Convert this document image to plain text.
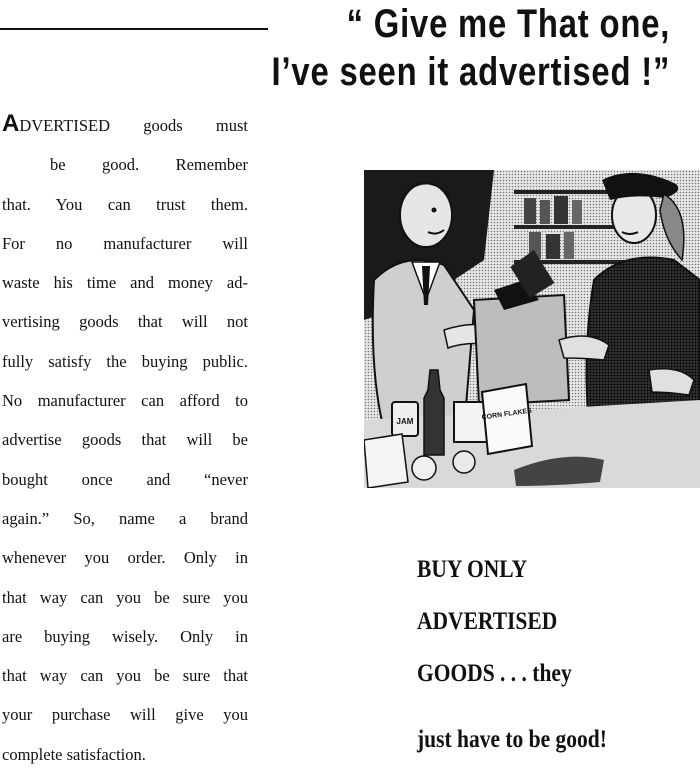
“ Give me That one,
I’ve seen it advertised !”
ADVERTISED goods must
be good. Remember
that. You can trust them.
For no manufacturer will
waste his time and money ad-
vertising goods that will not
fully satisfy the buying public.
No manufacturer can afford to
advertise goods that will be
bought once and “never
again.” So, name a brand
whenever you order. Only in
that way can you be sure you
are buying wisely. Only in
that way can you be sure that
your purchase will give you
complete satisfaction.
JAM
CORN FLAKES
BUY ONLY
ADVERTISED
GOODS . . . they
just have to be good!
